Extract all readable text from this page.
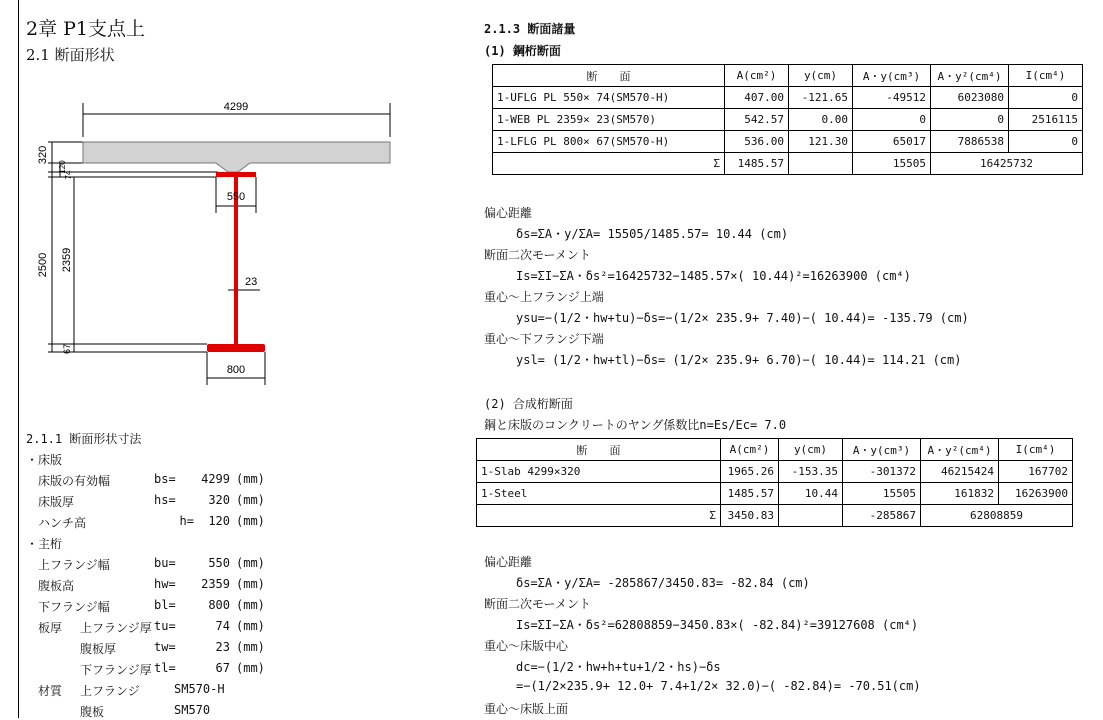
2章 P1支点上
2.1 断面形状
4299
550
23
800
320
120
74
2500 2359
67
2.1.1 断面形状寸法
・床版
床版の有効幅	bs=	4299 (mm)
床版厚	hs=	320 (mm)
ハンチ高	h=	120 (mm)
・主桁
上フランジ幅	bu=	550 (mm)
腹板高	hw=	2359 (mm)
下フランジ幅	bl=	800 (mm)
板厚 上フランジ厚 tu=	74 (mm)
腹板厚	tw=	23 (mm)
下フランジ厚 tl=	67 (mm)
材質 上フランジ	SM570-H
腹板	SM570
2.1.3 断面諸量
(1) 鋼桁断面
断　　面	A(cm²)	y(cm)	A・y(cm³)	A・y²(cm⁴)	I(cm⁴)
1-UFLG PL 550× 74(SM570-H)	407.00	-121.65	-49512	6023080	0
1-WEB PL 2359× 23(SM570)	542.57	0.00	0	0	2516115
1-LFLG PL 800× 67(SM570-H)	536.00	121.30	65017	7886538	0
Σ	1485.57		15505	16425732	
偏心距離
δs=ΣA・y/ΣA= 15505/1485.57= 10.44 (cm)
断面二次モーメント
Is=ΣI−ΣA・δs²=16425732−1485.57×( 10.44)²=16263900 (cm⁴)
重心～上フランジ上端
ysu=−(1/2・hw+tu)−δs=−(1/2× 235.9+ 7.40)−( 10.44)= -135.79 (cm)
重心～下フランジ下端
ysl= (1/2・hw+tl)−δs= (1/2× 235.9+ 6.70)−( 10.44)= 114.21 (cm)
(2) 合成桁断面
鋼と床版のコンクリートのヤング係数比n=Es/Ec= 7.0
断　　面	A(cm²)	y(cm)	A・y(cm³)	A・y²(cm⁴)	I(cm⁴)
1-Slab 4299×320	1965.26	-153.35	-301372	46215424	167702
1-Steel	1485.57	10.44	15505	161832	16263900
Σ	3450.83		-285867	62808859	
偏心距離
δs=ΣA・y/ΣA= -285867/3450.83= -82.84 (cm)
断面二次モーメント
Is=ΣI−ΣA・δs²=62808859−3450.83×( -82.84)²=39127608 (cm⁴)
重心～床版中心
dc=−(1/2・hw+h+tu+1/2・hs)−δs
=−(1/2×235.9+ 12.0+ 7.4+1/2× 32.0)−( -82.84)= -70.51(cm)
重心～床版上面
